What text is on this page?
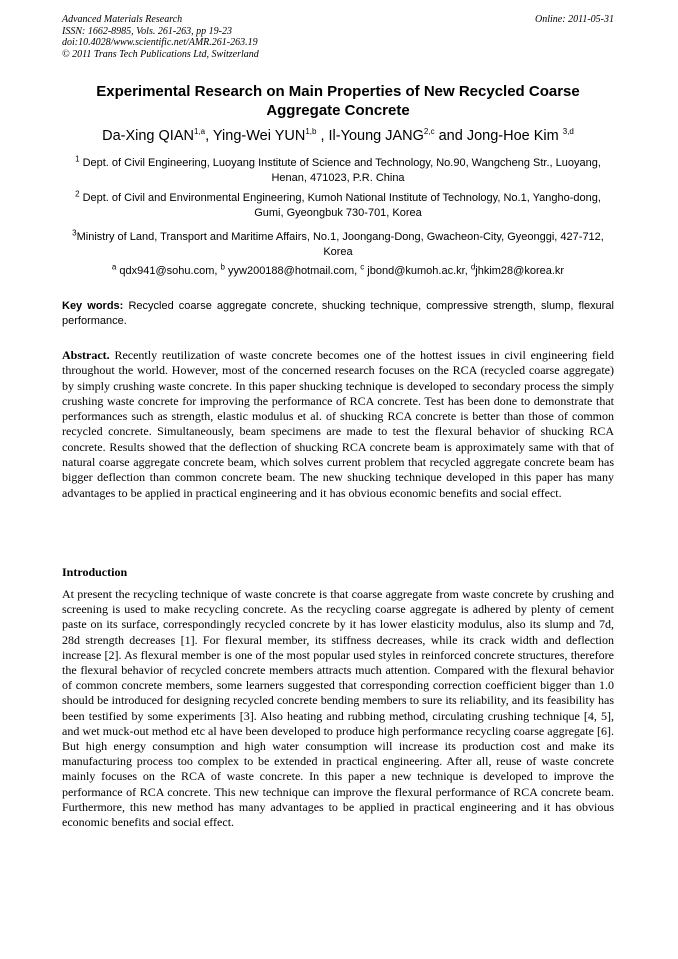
Advanced Materials Research
ISSN: 1662-8985, Vols. 261-263, pp 19-23
doi:10.4028/www.scientific.net/AMR.261-263.19
© 2011 Trans Tech Publications Ltd, Switzerland
Online: 2011-05-31
Experimental Research on Main Properties of New Recycled Coarse
Aggregate Concrete
Da-Xing QIAN$^{1,a}$, Ying-Wei YUN$^{1,b}$ , Il-Young JANG$^{2,c}$ and Jong-Hoe Kim $^{3,d}$
$^1$ Dept. of Civil Engineering, Luoyang Institute of Science and Technology, No.90, Wangcheng Str., Luoyang, Henan, 471023, P.R. China
$^2$ Dept. of Civil and Environmental Engineering, Kumoh National Institute of Technology, No.1, Yangho-dong, Gumi, Gyeongbuk 730-701, Korea
$^3$Ministry of Land, Transport and Maritime Affairs, No.1, Joongang-Dong, Gwacheon-City, Gyeonggi, 427-712, Korea
$^a$ qdx941@sohu.com, $^b$ yyw200188@hotmail.com, $^c$ jbond@kumoh.ac.kr, $^d$jhkim28@korea.kr
Key words: Recycled coarse aggregate concrete, shucking technique, compressive strength, slump, flexural performance.
Abstract. Recently reutilization of waste concrete becomes one of the hottest issues in civil engineering field throughout the world. However, most of the concerned research focuses on the RCA (recycled coarse aggregate) by simply crushing waste concrete. In this paper shucking technique is developed to secondary process the simply crushing waste concrete for improving the performance of RCA concrete. Test has been done to demonstrate that performances such as strength, elastic modulus et al. of shucking RCA concrete is better than those of common recycled concrete. Simultaneously, beam specimens are made to test the flexural behavior of shucking RCA concrete. Results showed that the deflection of shucking RCA concrete beam is approximately same with that of natural coarse aggregate concrete beam, which solves current problem that recycled aggregate concrete beam has bigger deflection than common concrete beam. The new shucking technique developed in this paper has many advantages to be applied in practical engineering and it has obvious economic benefits and social effect.
Introduction
At present the recycling technique of waste concrete is that coarse aggregate from waste concrete by crushing and screening is used to make recycling concrete. As the recycling coarse aggregate is adhered by plenty of cement paste on its surface, correspondingly recycled concrete by it has lower elasticity modulus, also its slump and 7d, 28d strength decreases [1]. For flexural member, its stiffness decreases, while its crack width and deflection increase [2]. As flexural member is one of the most popular used styles in reinforced concrete structures, therefore the flexural behavior of recycled concrete members attracts much attention. Compared with the flexural behavior of common concrete members, some learners suggested that corresponding correction coefficient bigger than 1.0 should be introduced for designing recycled concrete bending members to sure its reliability, and its feasibility has been testified by some experiments [3]. Also heating and rubbing method, circulating crushing technique [4, 5], and wet muck-out method etc al have been developed to produce high performance recycling coarse aggregate [6]. But high energy consumption and high water consumption will increase its production cost and make its manufacturing process too complex to be extended in practical engineering. After all, reuse of waste concrete mainly focuses on the RCA of waste concrete. In this paper a new technique is developed to improve the performance of RCA concrete. This new technique can improve the flexural performance of RCA concrete beam. Furthermore, this new method has many advantages to be applied in practical engineering and it has obvious economic benefits and social effect.
